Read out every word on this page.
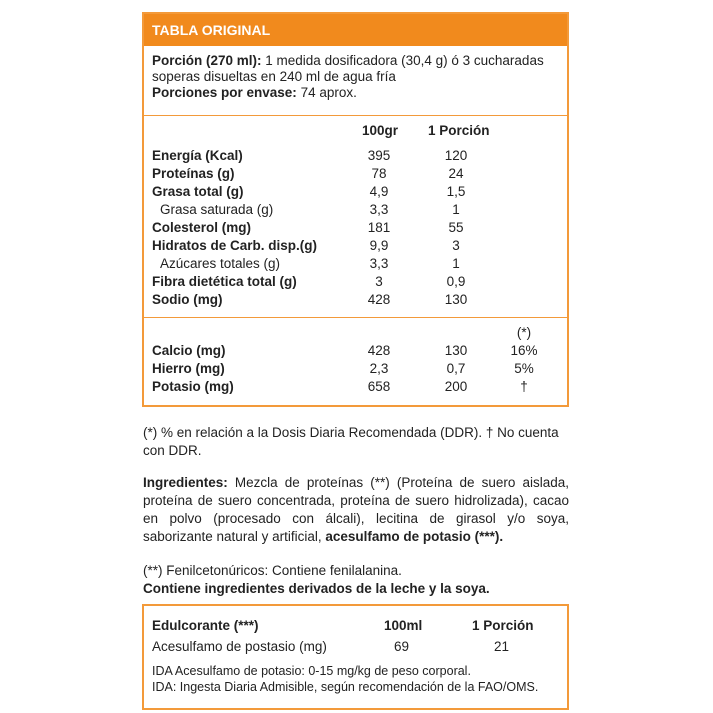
TABLA ORIGINAL
Porción (270 ml): 1 medida dosificadora (30,4 g) ó 3 cucharadas soperas disueltas en 240 ml de agua fría
Porciones por envase: 74 aprox.
100gr 1 Porción
Energía (Kcal)	395	120
Proteínas (g)	78	24
Grasa total (g)	4,9	1,5
Grasa saturada (g)	3,3	1
Colesterol (mg)	181	55
Hidratos de Carb. disp.(g)	9,9	3
Azúcares totales (g)	3,3	1
Fibra dietética total (g)	3	0,9
Sodio (mg)	428	130
(*)
Calcio (mg)	428	130	16%
Hierro (mg)	2,3	0,7	5%
Potasio (mg)	658	200	†
(*) % en relación a la Dosis Diaria Recomendada (DDR). † No cuenta con DDR.
Ingredientes: Mezcla de proteínas (**) (Proteína de suero aislada, proteína de suero concentrada, proteína de suero hidrolizada), cacao en polvo (procesado con álcali), lecitina de girasol y/o soya, saborizante natural y artificial, acesulfamo de potasio (***).
(**) Fenilcetonúricos: Contiene fenilalanina.
Contiene ingredientes derivados de la leche y la soya.
Edulcorante (***)	100ml	1 Porción
Acesulfamo de postasio (mg)	69	21
IDA Acesulfamo de potasio: 0-15 mg/kg de peso corporal.
IDA: Ingesta Diaria Admisible, según recomendación de la FAO/OMS.
